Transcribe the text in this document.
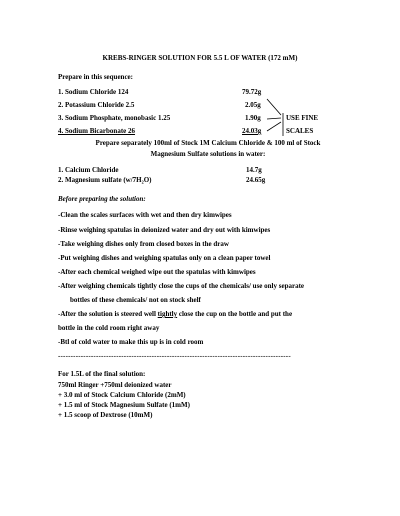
KREBS-RINGER SOLUTION FOR 5.5 L OF WATER (172 mM)
Prepare in this sequence:
1. Sodium Chloride 124	79.72g
2. Potassium Chloride 2.5	2.05g
3. Sodium Phosphate, monobasic 1.25	1.90g
4. Sodium Bicarbonate 26	24.03g
USE FINE
SCALES
Prepare separately 100ml of Stock 1M Calcium Chloride & 100 ml of Stock
Magnesium Sulfate solutions in water:
1. Calcium Chloride	14.7g
2. Magnesium sulfate (w/7H₂O)	24.65g
Before preparing the solution:
-Clean the scales surfaces with wet and then dry kimwipes
-Rinse weighing spatulas in deionized water and dry out with kimwipes
-Take weighing dishes only from closed boxes in the draw
-Put weighing dishes and weighing spatulas only on a clean paper towel
-After each chemical weighed wipe out the spatulas with kimwipes
-After weighing chemicals tightly close the cups of the chemicals/ use only separate
bottles of these chemicals/ not on stock shelf
-After the solution is steered well tightly close the cup on the bottle and put the
bottle in the cold room right away
-Btl of cold water to make this up is in cold room
--------------------------------------------------------------------------------------------
For 1.5L of the final solution:
750ml Ringer +750ml deionized water
+ 3.0 ml of Stock Calcium Chloride (2mM)
+ 1.5 ml of Stock Magnesium Sulfate (1mM)
+ 1.5 scoop of Dextrose (10mM)
